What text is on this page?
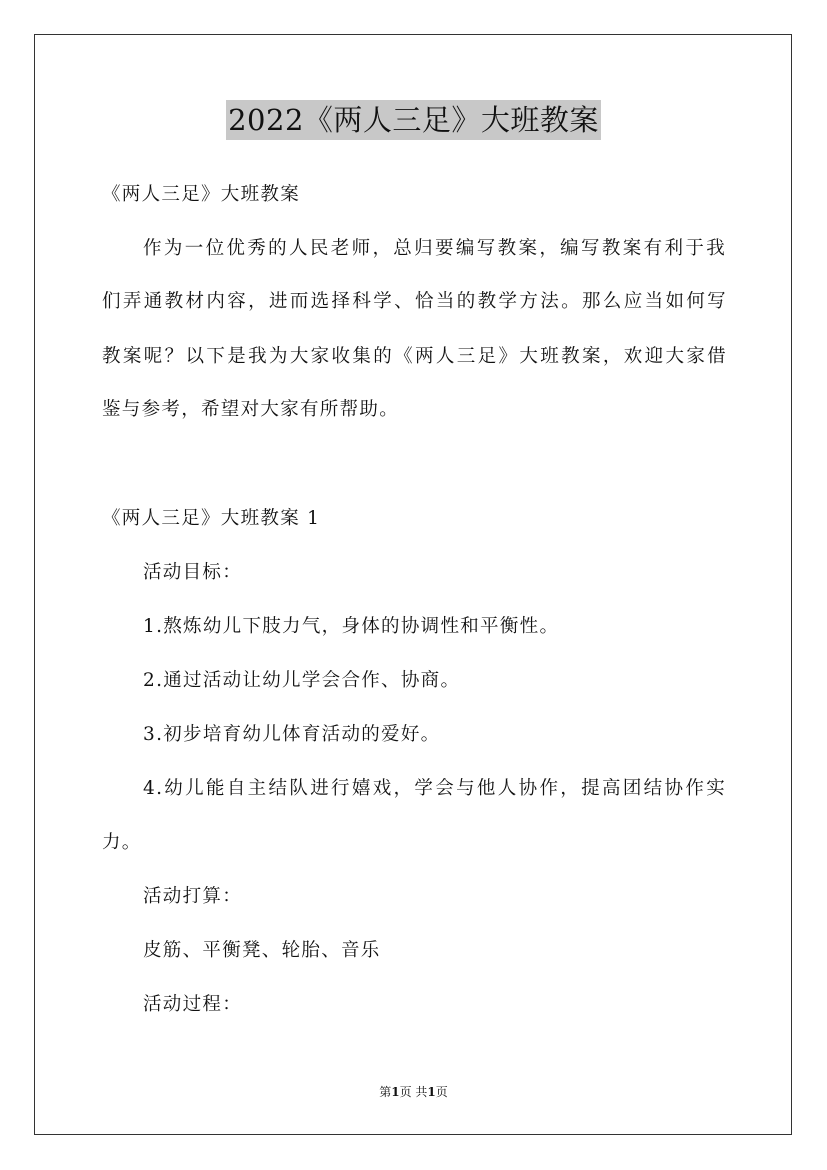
2022《两人三足》大班教案
《两人三足》大班教案
作为一位优秀的人民老师，总归要编写教案，编写教案有利于我
们弄通教材内容，进而选择科学、恰当的教学方法。那么应当如何写
教案呢？以下是我为大家收集的《两人三足》大班教案，欢迎大家借
鉴与参考，希望对大家有所帮助。
《两人三足》大班教案 1
活动目标：
1.熬炼幼儿下肢力气，身体的协调性和平衡性。
2.通过活动让幼儿学会合作、协商。
3.初步培育幼儿体育活动的爱好。
4.幼儿能自主结队进行嬉戏，学会与他人协作，提高团结协作实
力。
活动打算：
皮筋、平衡凳、轮胎、音乐
活动过程：
第1页 共1页
